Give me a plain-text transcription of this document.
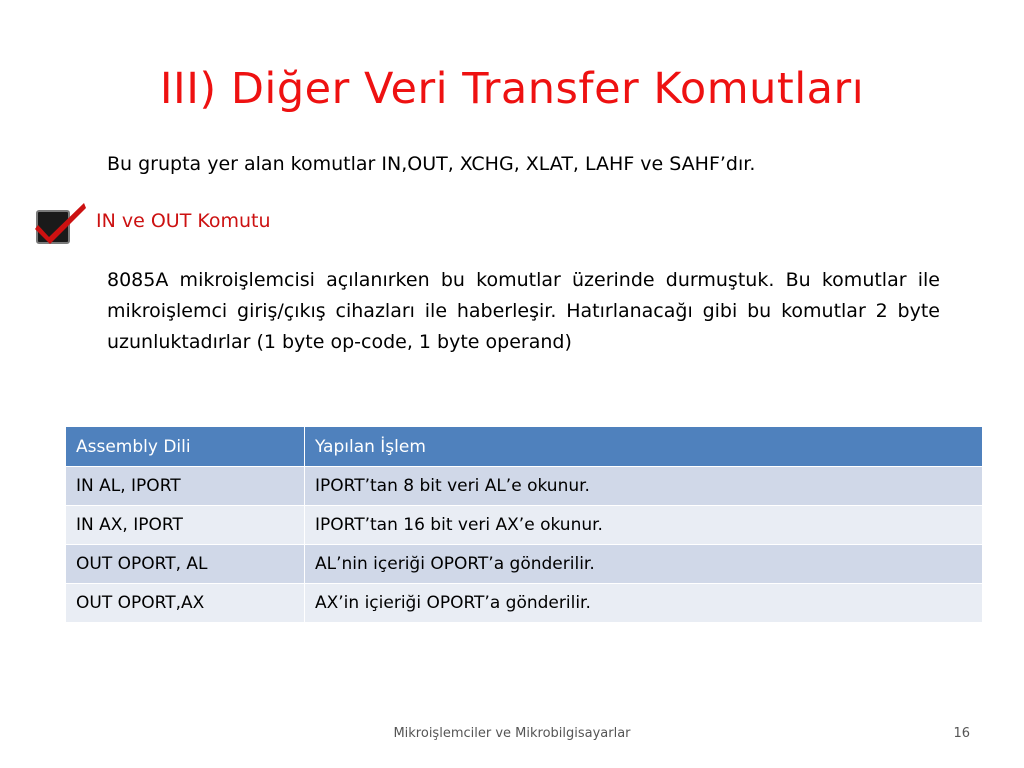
III) Diğer Veri Transfer Komutları
Bu grupta yer alan komutlar IN,OUT, XCHG, XLAT, LAHF ve SAHF’dır.
IN ve OUT Komutu
8085A mikroişlemcisi açılanırken bu komutlar üzerinde durmuştuk. Bu komutlar ile mikroişlemci giriş/çıkış cihazları ile haberleşir. Hatırlanacağı gibi bu komutlar 2 byte uzunluktadırlar (1 byte op-code, 1 byte operand)
Assembly Dili	Yapılan İşlem
IN AL, IPORT	IPORT’tan 8 bit veri AL’e okunur.
IN AX, IPORT	IPORT’tan 16 bit veri AX’e okunur.
OUT OPORT, AL	AL’nin içeriği OPORT’a gönderilir.
OUT OPORT,AX	AX’in içieriği OPORT’a gönderilir.
Mikroişlemciler ve Mikrobilgisayarlar	16
